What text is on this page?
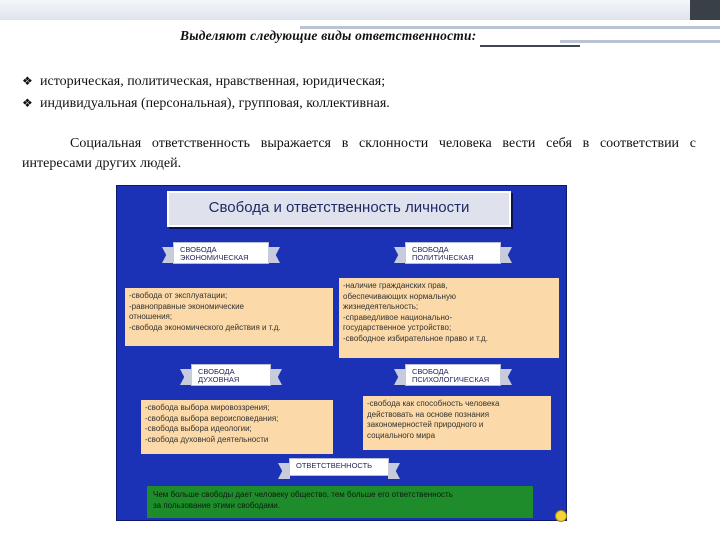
Выделяют следующие виды ответственности:
❖ историческая, политическая, нравственная, юридическая;
❖ индивидуальная (персональная), групповая, коллективная.
Социальная ответственность выражается в склонности человека вести себя в соответствии с интересами других людей.
Свобода и ответственность личности
СВОБОДА
ЭКОНОМИЧЕСКАЯ
СВОБОДА
ПОЛИТИЧЕСКАЯ
-свобода от эксплуатации;
-равноправные экономические
отношения;
-свобода экономического действия и т.д.
-наличие гражданских прав,
обеспечивающих нормальную
жизнедеятельность;
-справедливое национально-
государственное устройство;
-свободное избирательное право и т.д.
СВОБОДА
ДУХОВНАЯ
СВОБОДА
ПСИХОЛОГИЧЕСКАЯ
-свобода выбора мировоззрения;
-свобода выбора вероисповедания;
-свобода выбора идеологии;
-свобода духовной деятельности
-свобода как способность человека
действовать на основе познания
закономерностей природного и
социального мира
ОТВЕТСТВЕННОСТЬ
Чем больше свободы дает человеку общество, тем больше его ответственность
за пользование этими свободами.
